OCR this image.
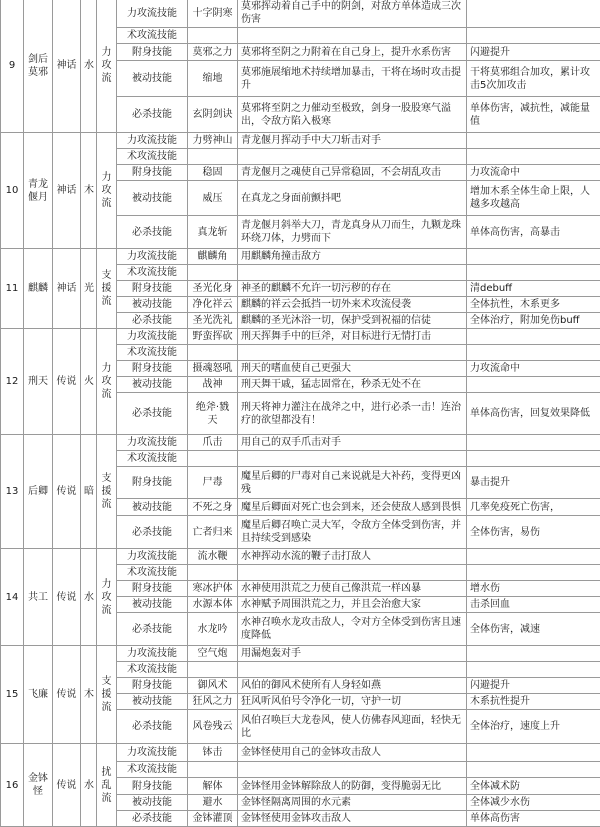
9	剑后莫邪	神话	水	力攻流	力攻流技能	十字阴寒	莫邪挥动着自己手中的阴剑，对敌方单体造成三次伤害	
					术攻流技能			
					附身技能	莫邪之力	莫邪将至阴之力附着在自己身上，提升水系伤害	闪避提升
					被动技能	缩地	莫邪施展缩地术持续增加暴击，干将在场时攻击提升	干将莫邪组合加攻，累计攻击5次加攻击
					必杀技能	玄阴剑诀	莫邪将至阴之力催动至极致，剑身一股股寒气溢出，令敌方陷入极寒	单体伤害，减抗性，减能量值
10	青龙偃月	神话	木	力攻流	力攻流技能	力劈神山	青龙偃月挥动手中大刀斩击对手	
					术攻流技能			
					附身技能	稳固	青龙偃月之魂使自己异常稳固，不会胡乱攻击	力攻流命中
					被动技能	威压	在真龙之身面前颤抖吧	增加木系全体生命上限，人越多攻越高
					必杀技能	真龙斩	青龙偃月斜举大刀，青龙真身从刀而生，九颗龙珠环绕刀体，力劈而下	单体高伤害，高暴击
11	麒麟	神话	光	支援流	力攻流技能	麒麟角	用麒麟角撞击敌方	
					术攻流技能			
					附身技能	圣光化身	神圣的麒麟不允许一切污秽的存在	清debuff
					被动技能	净化祥云	麒麟的祥云会抵挡一切外来术攻流侵袭	全体抗性，木系更多
					必杀技能	圣光洗礼	麒麟的圣光沐浴一切，保护受到祝福的信徒	全体治疗，附加免伤buff
12	刑天	传说	火	力攻流	力攻流技能	野蛮挥砍	刑天挥舞手中的巨斧，对目标进行无情打击	
					术攻流技能			
					附身技能	摄魂怒吼	刑天的嗜血使自己更强大	力攻流命中
					被动技能	战神	刑天舞干戚，猛志固常在，秒杀无处不在	
					必杀技能	绝斧·戮天	刑天将神力灌注在战斧之中，进行必杀一击！连治疗的欲望都没有！	单体高伤害，回复效果降低
13	后卿	传说	暗	支援流	力攻流技能	爪击	用自己的双手爪击对手	
					术攻流技能			
					附身技能	尸毒	魔星后卿的尸毒对自己来说就是大补药，变得更凶残	暴击提升
					被动技能	不死之身	魔星后卿面对死亡也会到来，还会使敌人感到畏惧	几率免疫死亡伤害，
					必杀技能	亡者归来	魔星后卿召唤亡灵大军，令敌方全体受到伤害，并且持续受到感染	全体伤害，易伤
14	共工	传说	水	力攻流	力攻流技能	流水鞭	水神挥动水流的鞭子击打敌人	
					术攻流技能			
					附身技能	寒冰护体	水神使用洪荒之力使自己像洪荒一样凶暴	增水伤
					被动技能	水源本体	水神赋予周围洪荒之力，并且会治愈大家	击杀回血
					必杀技能	水龙吟	水神召唤水龙攻击敌人，令对方全体受到伤害且速度降低	全体伤害，减速
15	飞廉	传说	木	支援流	力攻流技能	空气炮	用漏炮轰对手	
					术攻流技能			
					附身技能	御风术	风伯的御风术使所有人身轻如燕	闪避提升
					被动技能	狂风之力	狂风听风伯号令净化一切，守护一切	木系抗性提升
					必杀技能	风卷残云	风伯召唤巨大龙卷风，使人仿佛春风迎面，轻快无比	全体治疗，速度上升
16	金钵怪	传说	水	扰乱流	力攻流技能	钵击	金钵怪使用自己的金钵攻击敌人	
					术攻流技能			
					附身技能	解体	金钵怪用金钵解除敌人的防御，变得脆弱无比	全体减术防
					被动技能	避水	金钵怪隔离周围的水元素	全体减少水伤
					必杀技能	金钵灌顶	金钵怪使用金钵攻击敌人	单体高伤害
